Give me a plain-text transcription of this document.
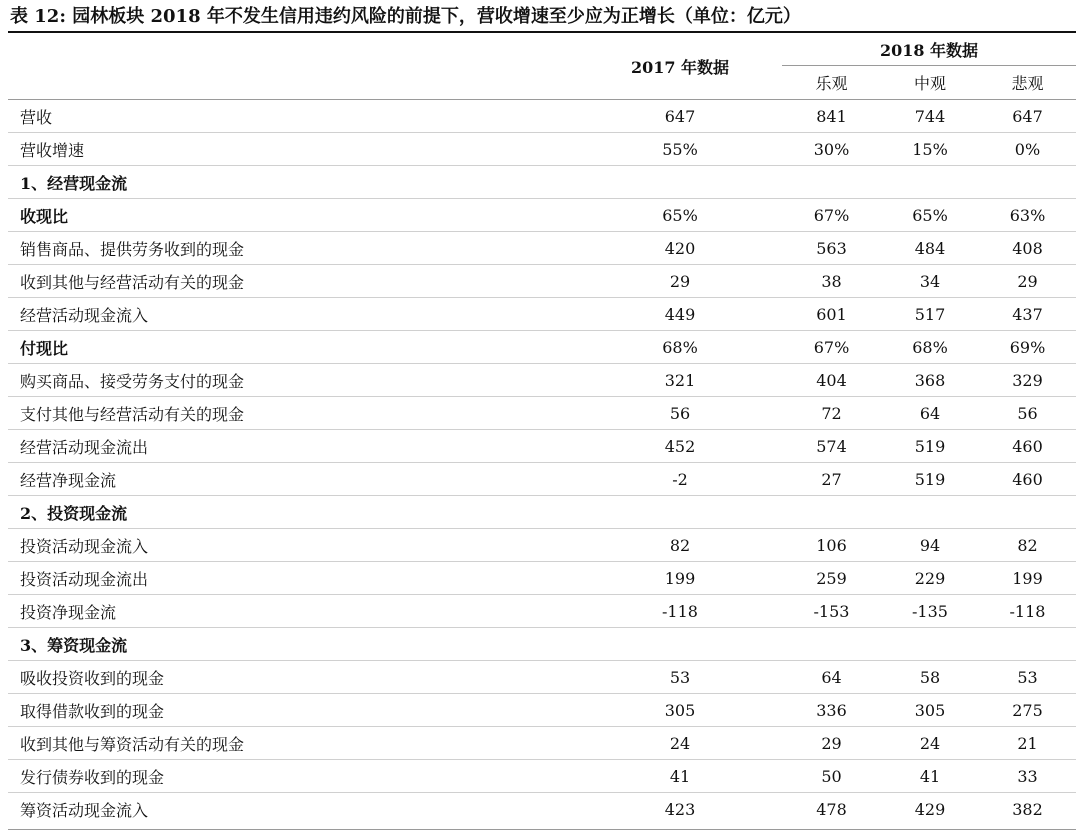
表 12: 园林板块 2018 年不发生信用违约风险的前提下，营收增速至少应为正增长（单位：亿元）
	2017 年数据	2018 年数据		
		乐观	中观	悲观
营收	647	841	744	647
营收增速	55%	30%	15%	0%
1、经营现金流				
收现比	65%	67%	65%	63%
销售商品、提供劳务收到的现金	420	563	484	408
收到其他与经营活动有关的现金	29	38	34	29
经营活动现金流入	449	601	517	437
付现比	68%	67%	68%	69%
购买商品、接受劳务支付的现金	321	404	368	329
支付其他与经营活动有关的现金	56	72	64	56
经营活动现金流出	452	574	519	460
经营净现金流	-2	27	519	460
2、投资现金流				
投资活动现金流入	82	106	94	82
投资活动现金流出	199	259	229	199
投资净现金流	-118	-153	-135	-118
3、筹资现金流				
吸收投资收到的现金	53	64	58	53
取得借款收到的现金	305	336	305	275
收到其他与筹资活动有关的现金	24	29	24	21
发行债券收到的现金	41	50	41	33
筹资活动现金流入	423	478	429	382
